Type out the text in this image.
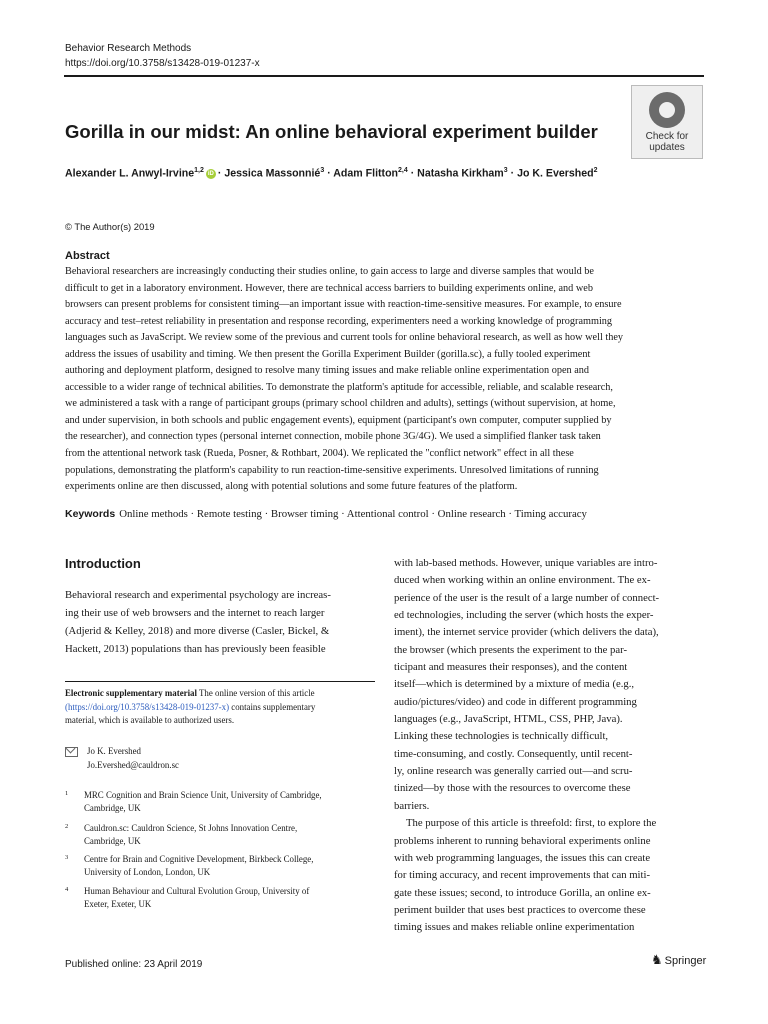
Behavior Research Methods
https://doi.org/10.3758/s13428-019-01237-x
Check for updates
Gorilla in our midst: An online behavioral experiment builder
Alexander L. Anwyl-Irvine$^{1,2}$ iD · Jessica Massonnié$^3$ · Adam Flitton$^{2,4}$ · Natasha Kirkham$^3$ · Jo K. Evershed$^2$
© The Author(s) 2019
Abstract
Behavioral researchers are increasingly conducting their studies online, to gain access to large and diverse samples that would be
difficult to get in a laboratory environment. However, there are technical access barriers to building experiments online, and web
browsers can present problems for consistent timing—an important issue with reaction-time-sensitive measures. For example, to ensure
accuracy and test–retest reliability in presentation and response recording, experimenters need a working knowledge of programming
languages such as JavaScript. We review some of the previous and current tools for online behavioral research, as well as how well they
address the issues of usability and timing. We then present the Gorilla Experiment Builder (gorilla.sc), a fully tooled experiment
authoring and deployment platform, designed to resolve many timing issues and make reliable online experimentation open and
accessible to a wider range of technical abilities. To demonstrate the platform's aptitude for accessible, reliable, and scalable research,
we administered a task with a range of participant groups (primary school children and adults), settings (without supervision, at home,
and under supervision, in both schools and public engagement events), equipment (participant's own computer, computer supplied by
the researcher), and connection types (personal internet connection, mobile phone 3G/4G). We used a simplified flanker task taken
from the attentional network task (Rueda, Posner, & Rothbart, 2004). We replicated the "conflict network" effect in all these
populations, demonstrating the platform's capability to run reaction-time-sensitive experiments. Unresolved limitations of running
experiments online are then discussed, along with potential solutions and some future features of the platform.
Keywords Online methods · Remote testing · Browser timing · Attentional control · Online research · Timing accuracy
Introduction
Behavioral research and experimental psychology are increas-
ing their use of web browsers and the internet to reach larger
(Adjerid & Kelley, 2018) and more diverse (Casler, Bickel, &
Hackett, 2013) populations than has previously been feasible
Electronic supplementary material The online version of this article
(https://doi.org/10.3758/s13428-019-01237-x) contains supplementary
material, which is available to authorized users.
Jo K. Evershed
Jo.Evershed@cauldron.sc
1 MRC Cognition and Brain Science Unit, University of Cambridge,
Cambridge, UK
2 Cauldron.sc: Cauldron Science, St Johns Innovation Centre,
Cambridge, UK
3 Centre for Brain and Cognitive Development, Birkbeck College,
University of London, London, UK
4 Human Behaviour and Cultural Evolution Group, University of
Exeter, Exeter, UK
with lab-based methods. However, unique variables are intro-
duced when working within an online environment. The ex-
perience of the user is the result of a large number of connect-
ed technologies, including the server (which hosts the exper-
iment), the internet service provider (which delivers the data),
the browser (which presents the experiment to the par-
ticipant and measures their responses), and the content
itself—which is determined by a mixture of media (e.g.,
audio/pictures/video) and code in different programming
languages (e.g., JavaScript, HTML, CSS, PHP, Java).
Linking these technologies is technically difficult,
time-consuming, and costly. Consequently, until recent-
ly, online research was generally carried out—and scru-
tinized—by those with the resources to overcome these
barriers.
The purpose of this article is threefold: first, to explore the
problems inherent to running behavioral experiments online
with web programming languages, the issues this can create
for timing accuracy, and recent improvements that can miti-
gate these issues; second, to introduce Gorilla, an online ex-
periment builder that uses best practices to overcome these
timing issues and makes reliable online experimentation
Published online: 23 April 2019	♞ Springer
